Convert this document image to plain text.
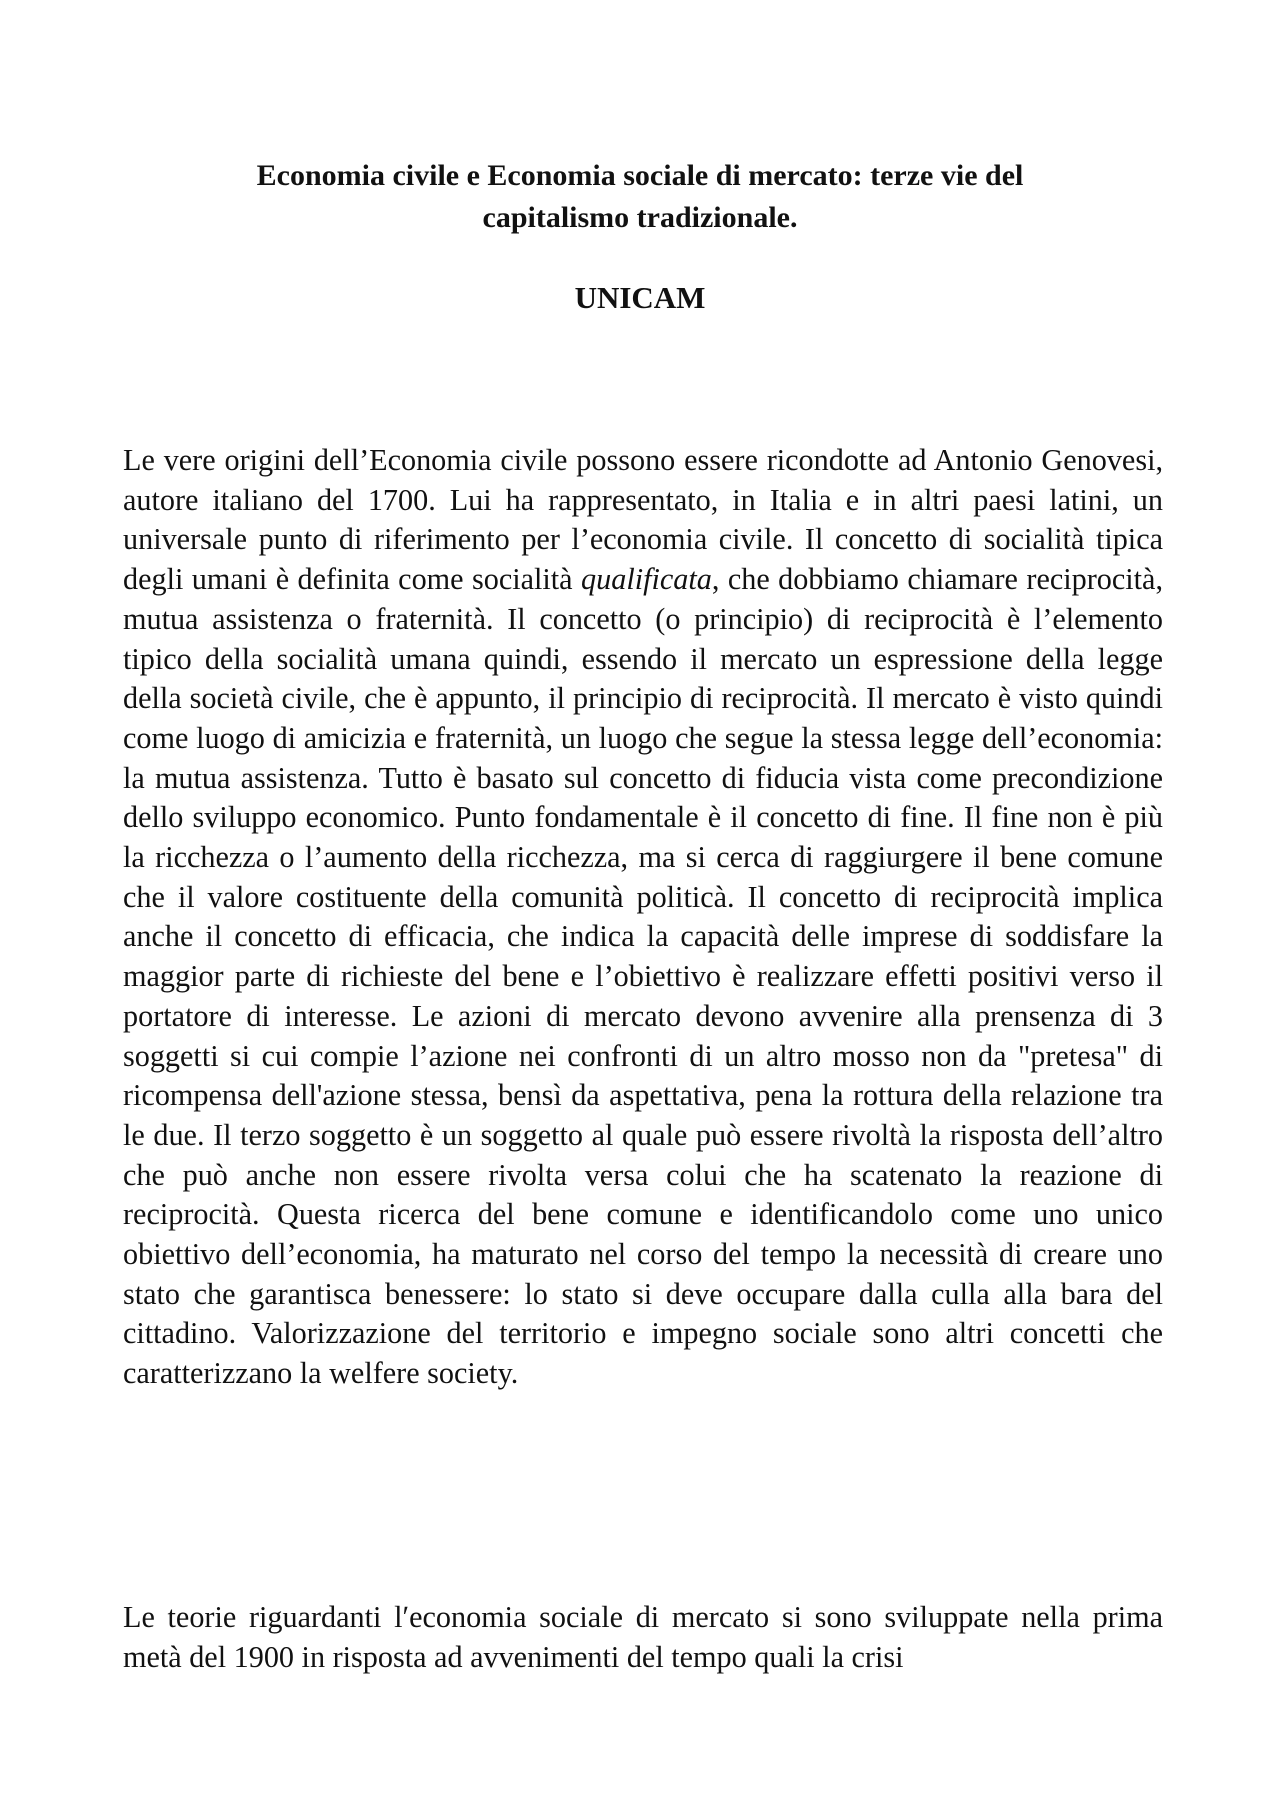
Economia civile e Economia sociale di mercato: terze vie del
capitalismo tradizionale.
UNICAM

Le vere origini dell’Economia civile possono essere ricondotte ad Antonio Genovesi, autore italiano del 1700. Lui ha rappresentato, in Italia e in altri paesi latini, un universale punto di riferimento per l’economia civile. Il concetto di socialità tipica degli umani è definita come socialità qualificata, che dobbiamo chiamare reciprocità, mutua assistenza o fraternità. Il concetto (o principio) di reciprocità è l’elemento tipico della socialità umana quindi, essendo il mercato un espressione della legge della società civile, che è appunto, il principio di reciprocità. Il mercato è visto quindi come luogo di amicizia e fraternità, un luogo che segue la stessa legge dell’economia: la mutua assistenza. Tutto è basato sul concetto di fiducia vista come precondizione dello sviluppo economico. Punto fondamentale è il concetto di fine. Il fine non è più la ricchezza o l’aumento della ricchezza, ma si cerca di raggiurgere il bene comune che il valore costituente della comunità politicà. Il concetto di reciprocità implica anche il concetto di efficacia, che indica la capacità delle imprese di soddisfare la maggior parte di richieste del bene e l’obiettivo è realizzare effetti positivi verso il portatore di interesse. Le azioni di mercato devono avvenire alla prensenza di 3 soggetti si cui compie l’azione nei confronti di un altro mosso non da "pretesa" di ricompensa dell'azione stessa, bensì da aspettativa, pena la rottura della relazione tra le due. Il terzo soggetto è un soggetto al quale può essere rivoltà la risposta dell’altro che può anche non essere rivolta versa colui che ha scatenato la reazione di reciprocità. Questa ricerca del bene comune e identificandolo come uno unico obiettivo dell’economia, ha maturato nel corso del tempo la necessità di creare uno stato che garantisca benessere: lo stato si deve occupare dalla culla alla bara del cittadino. Valorizzazione del territorio e impegno sociale sono altri concetti che caratterizzano la welfere society.

Le teorie riguardanti lʹeconomia sociale di mercato si sono sviluppate nella prima metà del 1900 in risposta ad avvenimenti del tempo quali la crisi
